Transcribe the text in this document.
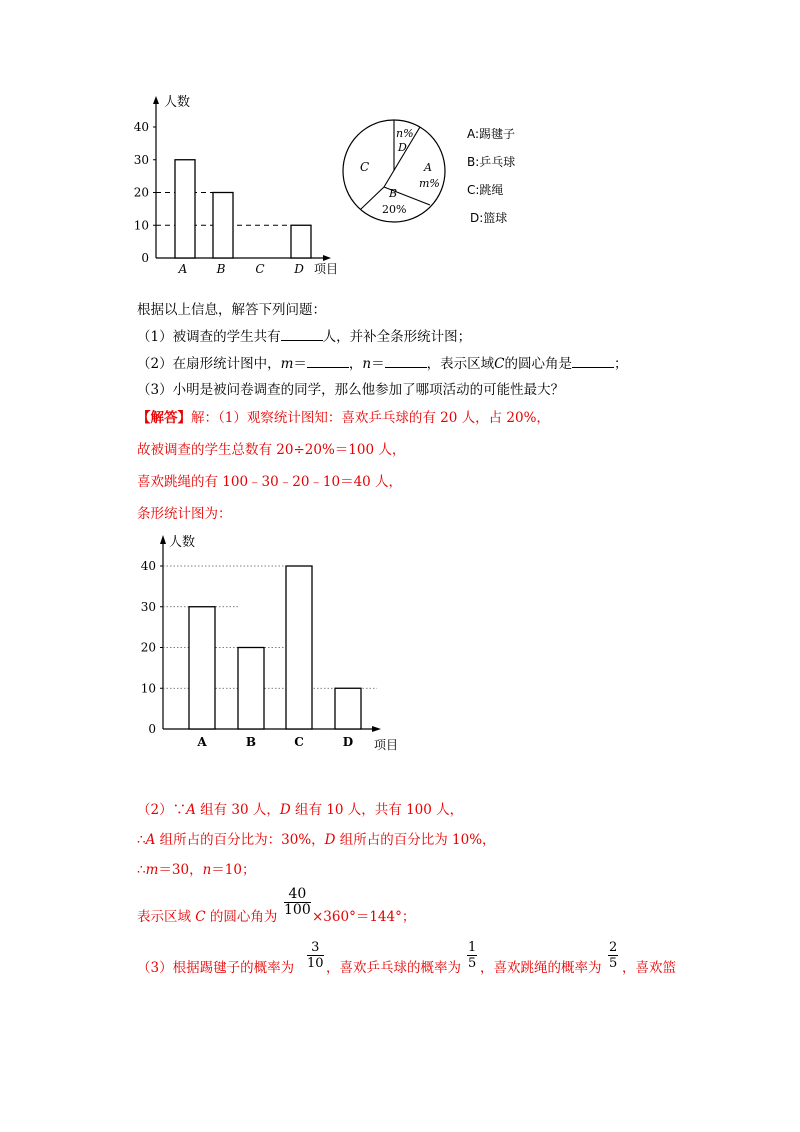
0
10
20
30
40
A B C D
人数
项目
n%
D
C	A
m%
B
20%
A:踢毽子
B:乒乓球
C:跳绳
D:篮球
根据以上信息，解答下列问题：
（1）被调查的学生共有	人，并补全条形统计图；
（2）在扇形统计图中，m＝	，n＝	，表示区域C的圆心角是	；
（3）小明是被问卷调查的同学，那么他参加了哪项活动的可能性最大？
【解答】解：（1）观察统计图知：喜欢乒乓球的有 20 人，占 20%，
故被调查的学生总数有 20÷20%＝100 人，
喜欢跳绳的有 100﹣30﹣20﹣10＝40 人，
条形统计图为：
0
10
20
30
40
A	B	C	D
人数
项目
（2）∵A 组有 30 人，D 组有 10 人，共有 100 人，
∴A 组所占的百分比为：30%，D 组所占的百分比为 10%，
∴m＝30，n＝10；
表示区域 C 的圆心角为 $\frac{40}{100} \times 360^\circ=144^\circ$；
（3）根据踢毽子的概率为 $\frac{3}{10}$ ，喜欢乒乓球的概率为 $\frac{1}{5}$ ，喜欢跳绳的概率为 $\frac{2}{5}$ ，喜欢篮
